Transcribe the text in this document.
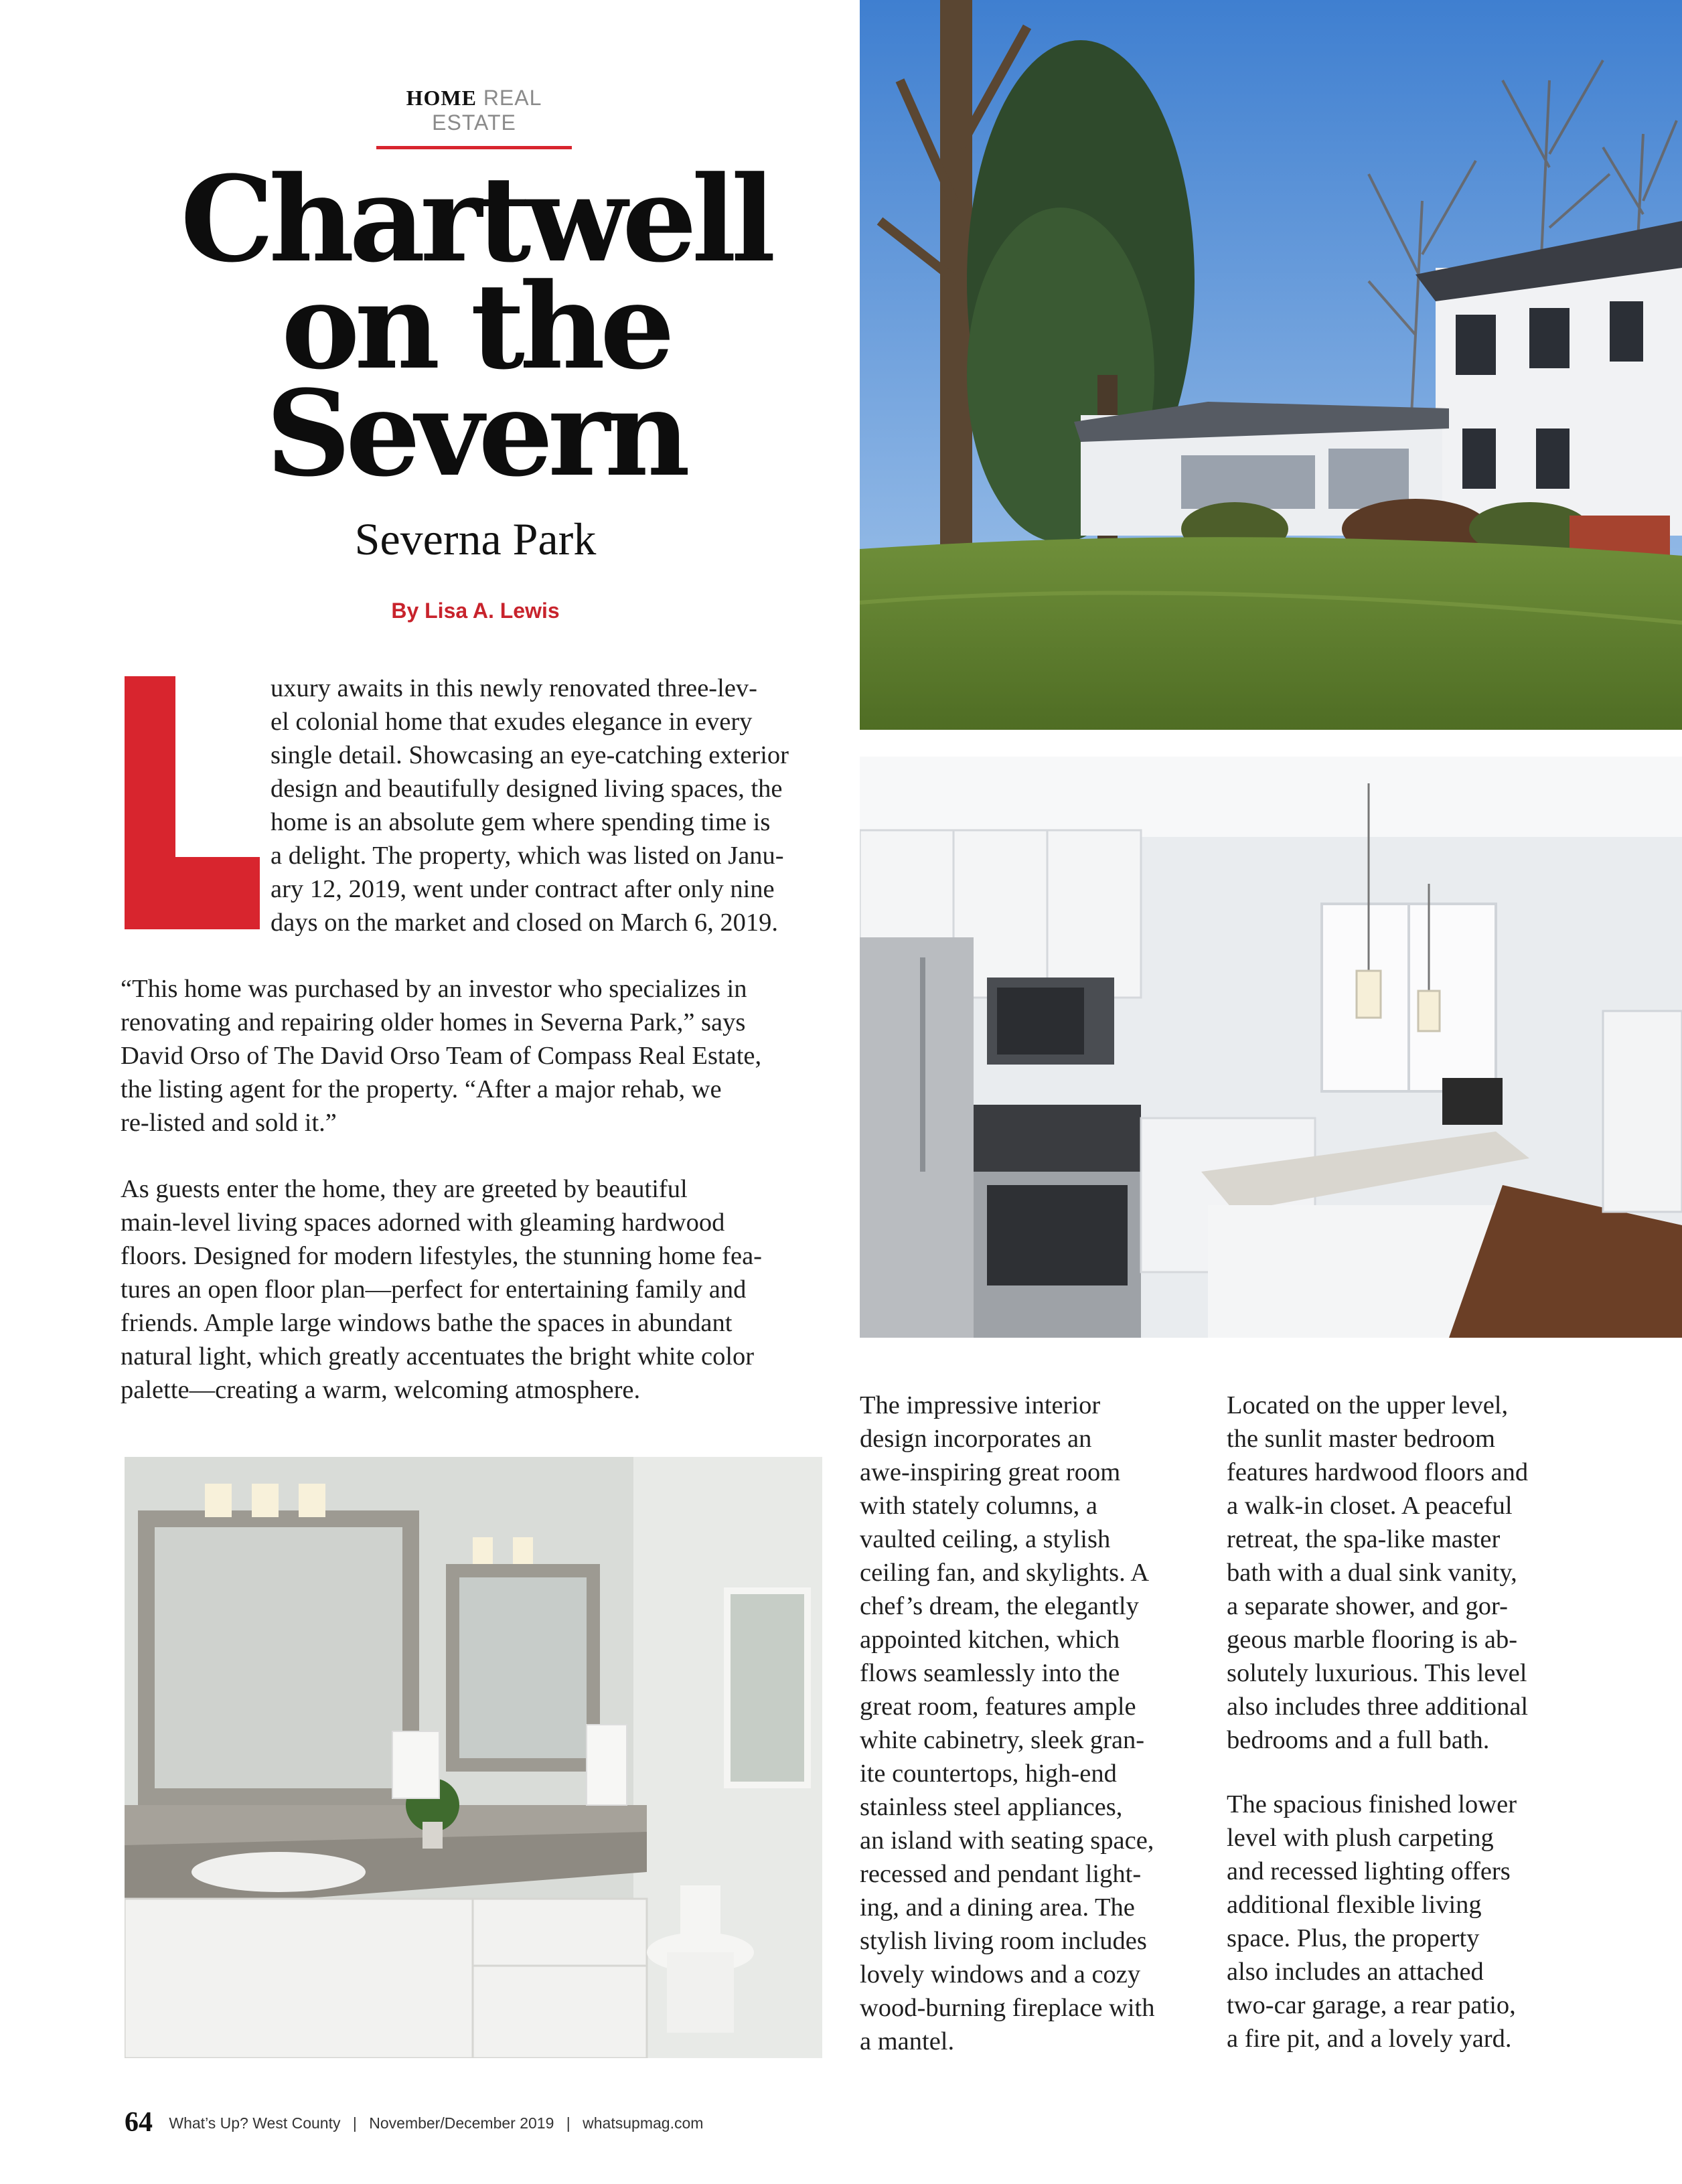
HOME REAL ESTATE
Chartwell
on the
Severn
Severna Park
By Lisa A. Lewis
uxury awaits in this newly renovated three-lev-
el colonial home that exudes elegance in every
single detail. Showcasing an eye-catching exterior
design and beautifully designed living spaces, the
home is an absolute gem where spending time is
a delight. The property, which was listed on Janu-
ary 12, 2019, went under contract after only nine
days on the market and closed on March 6, 2019.
“This home was purchased by an investor who specializes in
renovating and repairing older homes in Severna Park,” says
David Orso of The David Orso Team of Compass Real Estate,
the listing agent for the property. “After a major rehab, we
re-listed and sold it.”
As guests enter the home, they are greeted by beautiful
main-level living spaces adorned with gleaming hardwood
floors. Designed for modern lifestyles, the stunning home fea-
tures an open floor plan—perfect for entertaining family and
friends. Ample large windows bathe the spaces in abundant
natural light, which greatly accentuates the bright white color
palette—creating a warm, welcoming atmosphere.
The impressive interior
design incorporates an
awe-inspiring great room
with stately columns, a
vaulted ceiling, a stylish
ceiling fan, and skylights. A
chef’s dream, the elegantly
appointed kitchen, which
flows seamlessly into the
great room, features ample
white cabinetry, sleek gran-
ite countertops, high-end
stainless steel appliances,
an island with seating space,
recessed and pendant light-
ing, and a dining area. The
stylish living room includes
lovely windows and a cozy
wood-burning fireplace with
a mantel.
Located on the upper level,
the sunlit master bedroom
features hardwood floors and
a walk-in closet. A peaceful
retreat, the spa-like master
bath with a dual sink vanity,
a separate shower, and gor-
geous marble flooring is ab-
solutely luxurious. This level
also includes three additional
bedrooms and a full bath.
The spacious finished lower
level with plush carpeting
and recessed lighting offers
additional flexible living
space. Plus, the property
also includes an attached
two-car garage, a rear patio,
a fire pit, and a lovely yard.
64 What’s Up? West County | November/December 2019 | whatsupmag.com
